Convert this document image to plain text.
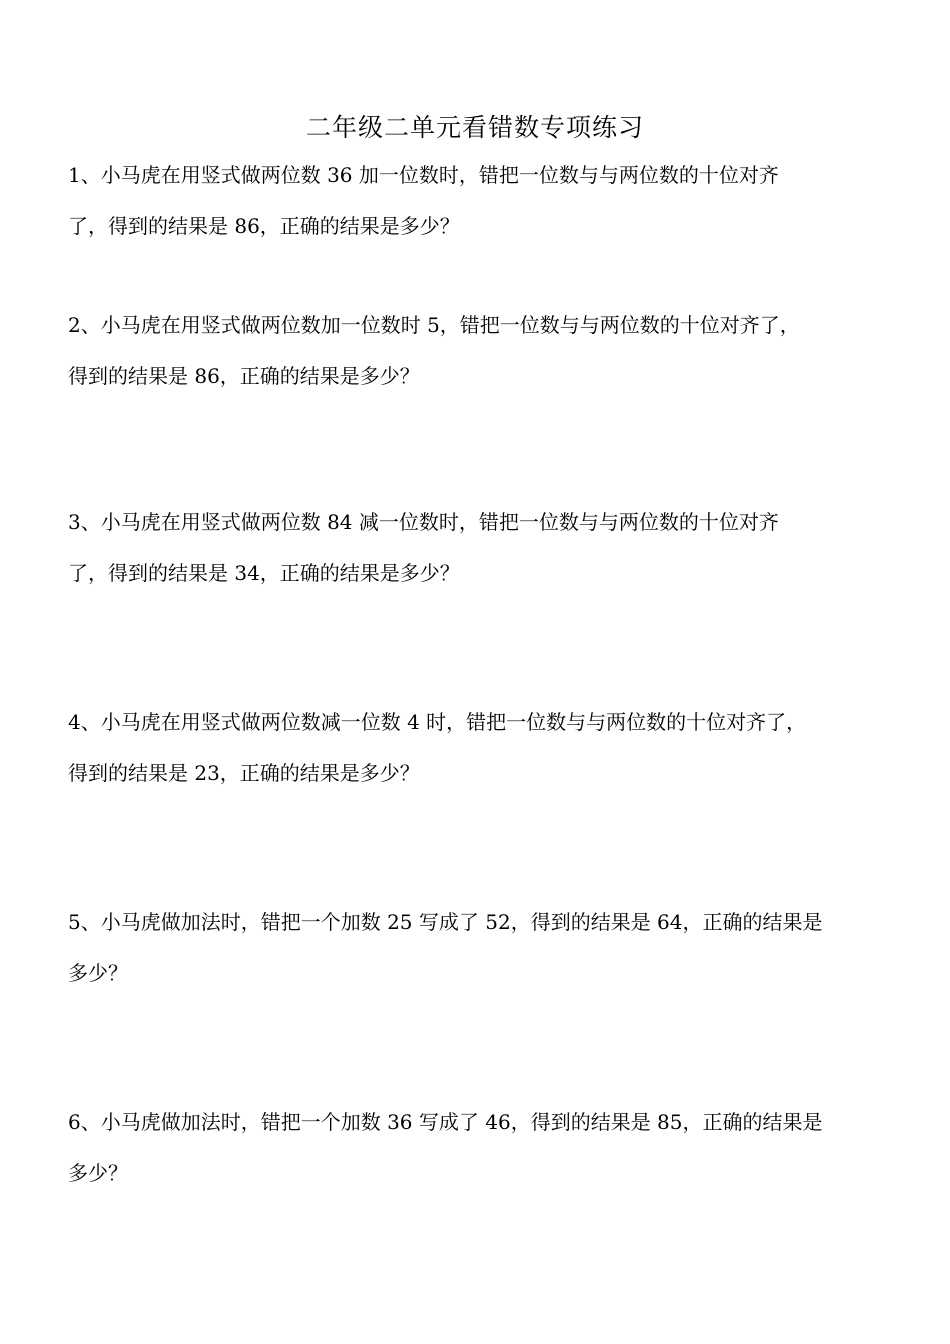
二年级二单元看错数专项练习
1、小马虎在用竖式做两位数 36 加一位数时，错把一位数与与两位数的十位对齐
了，得到的结果是 86，正确的结果是多少？
2、小马虎在用竖式做两位数加一位数时 5，错把一位数与与两位数的十位对齐了，
得到的结果是 86，正确的结果是多少？
3、小马虎在用竖式做两位数 84 减一位数时，错把一位数与与两位数的十位对齐
了，得到的结果是 34，正确的结果是多少？
4、小马虎在用竖式做两位数减一位数 4 时，错把一位数与与两位数的十位对齐了，
得到的结果是 23，正确的结果是多少？
5、小马虎做加法时，错把一个加数 25 写成了 52，得到的结果是 64，正确的结果是
多少？
6、小马虎做加法时，错把一个加数 36 写成了 46，得到的结果是 85，正确的结果是
多少？
